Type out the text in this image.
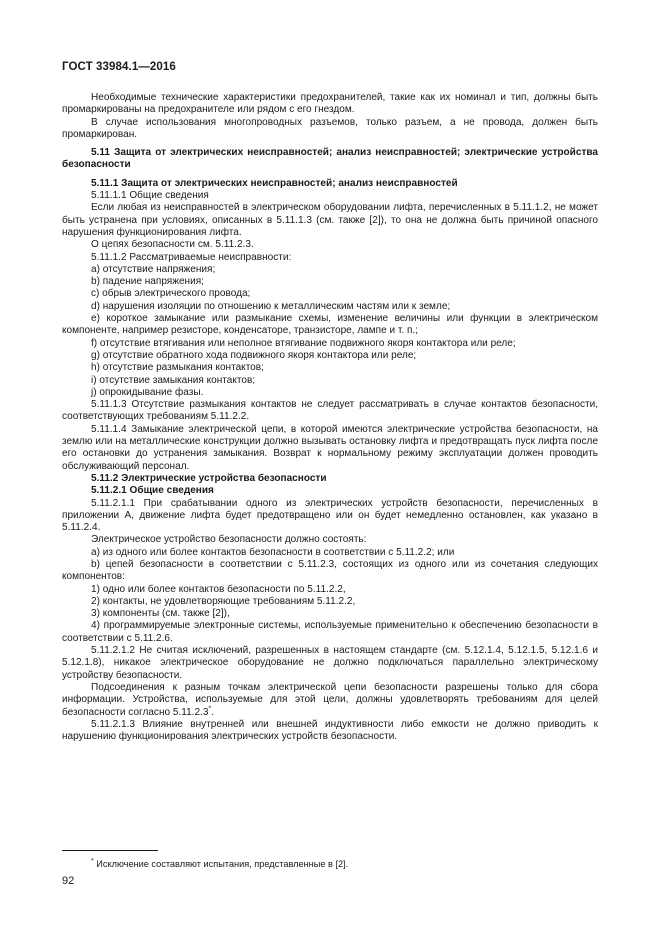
ГОСТ 33984.1—2016

Необходимые технические характеристики предохранителей, такие как их номинал и тип, должны быть промаркированы на предохранителе или рядом с его гнездом.

В случае использования многопроводных разъемов, только разъем, а не провода, должен быть промаркирован.

5.11 Защита от электрических неисправностей; анализ неисправностей; электрические устройства безопасности

5.11.1 Защита от электрических неисправностей; анализ неисправностей

5.11.1.1 Общие сведения

Если любая из неисправностей в электрическом оборудовании лифта, перечисленных в 5.11.1.2, не может быть устранена при условиях, описанных в 5.11.1.3 (см. также [2]), то она не должна быть причиной опасного нарушения функционирования лифта.

О цепях безопасности см. 5.11.2.3.

5.11.1.2 Рассматриваемые неисправности:

a) отсутствие напряжения;

b) падение напряжения;

c) обрыв электрического провода;

d) нарушения изоляции по отношению к металлическим частям или к земле;

e) короткое замыкание или размыкание схемы, изменение величины или функции в электрическом компоненте, например резисторе, конденсаторе, транзисторе, лампе и т. п.;

f) отсутствие втягивания или неполное втягивание подвижного якоря контактора или реле;

g) отсутствие обратного хода подвижного якоря контактора или реле;

h) отсутствие размыкания контактов;

i) отсутствие замыкания контактов;

j) опрокидывание фазы.

5.11.1.3 Отсутствие размыкания контактов не следует рассматривать в случае контактов безопасности, соответствующих требованиям 5.11.2.2.

5.11.1.4 Замыкание электрической цепи, в которой имеются электрические устройства безопасности, на землю или на металлические конструкции должно вызывать остановку лифта и предотвращать пуск лифта после его остановки до устранения замыкания. Возврат к нормальному режиму эксплуатации должен проводить обслуживающий персонал.

5.11.2 Электрические устройства безопасности

5.11.2.1 Общие сведения

5.11.2.1.1 При срабатывании одного из электрических устройств безопасности, перечисленных в приложении А, движение лифта будет предотвращено или он будет немедленно остановлен, как указано в 5.11.2.4.

Электрическое устройство безопасности должно состоять:

a) из одного или более контактов безопасности в соответствии с 5.11.2.2; или

b) цепей безопасности в соответствии с 5.11.2.3, состоящих из одного или из сочетания следующих компонентов:

1) одно или более контактов безопасности по 5.11.2.2,

2) контакты, не удовлетворяющие требованиям 5.11.2.2,

3) компоненты (см. также [2]),

4) программируемые электронные системы, используемые применительно к обеспечению безопасности в соответствии с 5.11.2.6.

5.11.2.1.2 Не считая исключений, разрешенных в настоящем стандарте (см. 5.12.1.4, 5.12.1.5, 5.12.1.6 и 5.12.1.8), никакое электрическое оборудование не должно подключаться параллельно электрическому устройству безопасности.

Подсоединения к разным точкам электрической цепи безопасности разрешены только для сбора информации. Устройства, используемые для этой цели, должны удовлетворять требованиям для целей безопасности согласно 5.11.2.3*.

5.11.2.1.3 Влияние внутренней или внешней индуктивности либо емкости не должно приводить к нарушению функционирования электрических устройств безопасности.

* Исключение составляют испытания, представленные в [2].
92
